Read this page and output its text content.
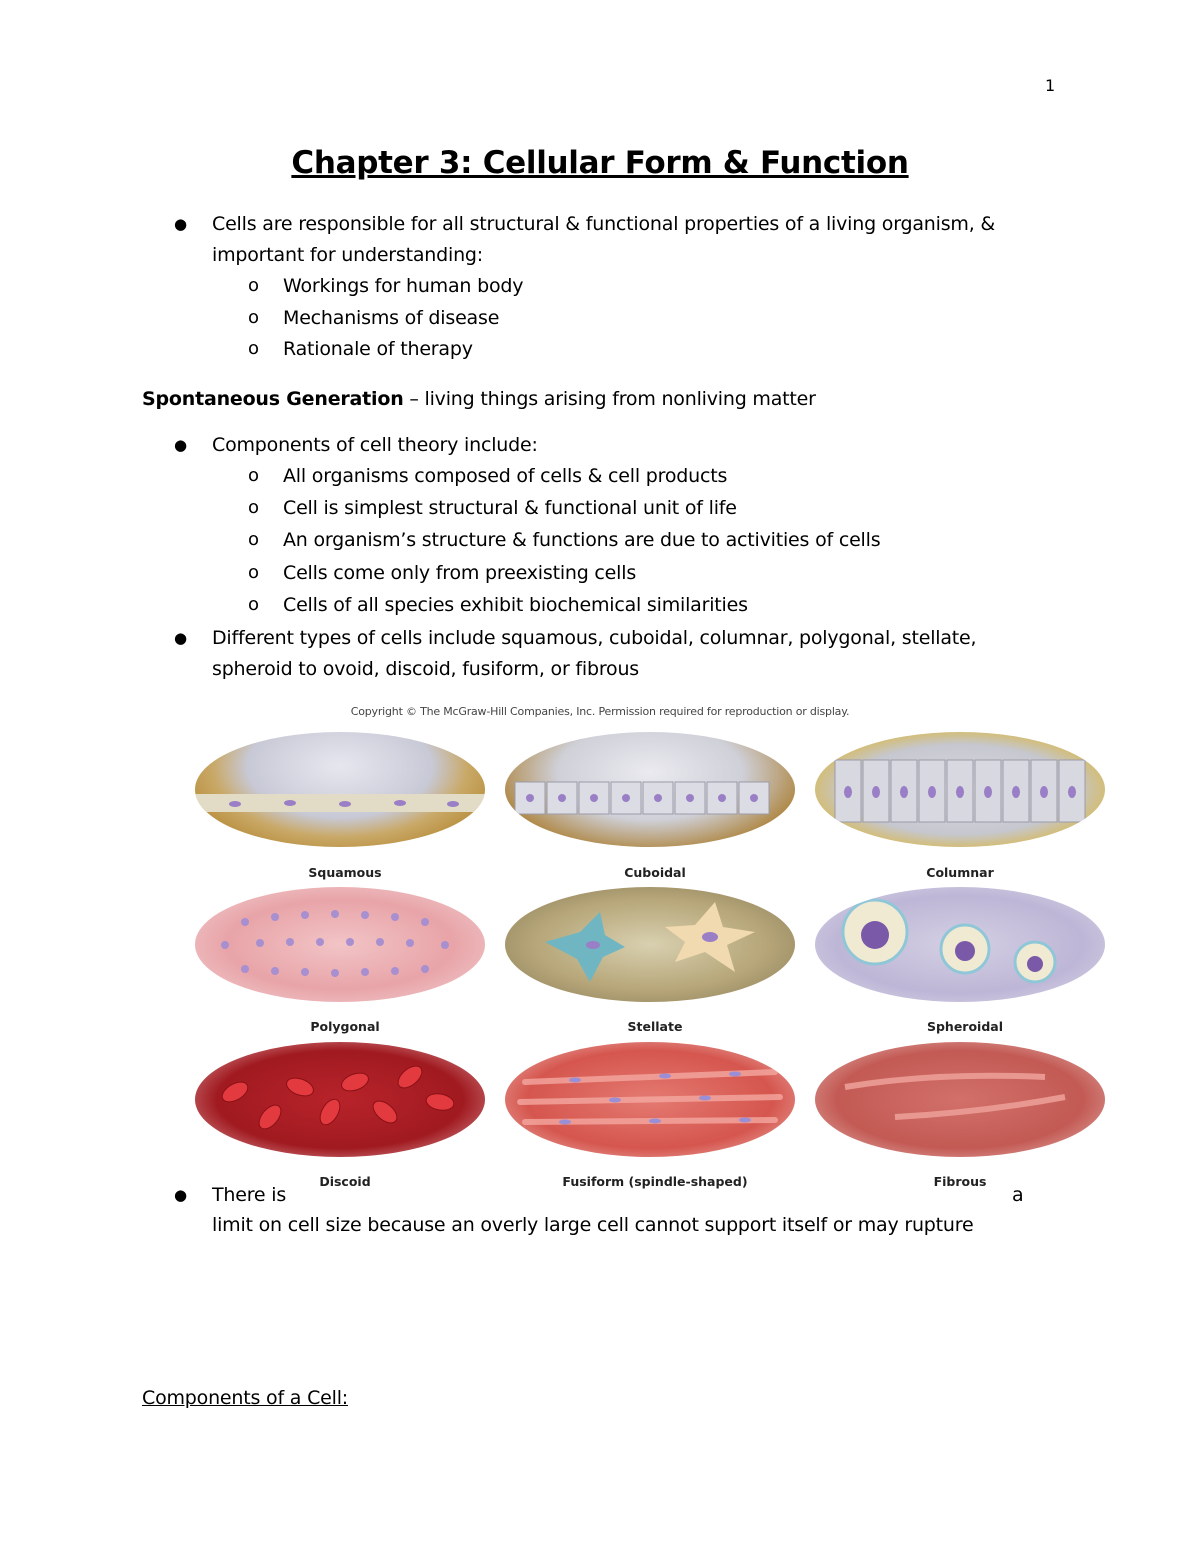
1
Chapter 3: Cellular Form & Function
● Cells are responsible for all structural & functional properties of a living organism, &
important for understanding:
o Workings for human body
o Mechanisms of disease
o Rationale of therapy
Spontaneous Generation – living things arising from nonliving matter
● Components of cell theory include:
o All organisms composed of cells & cell products
o Cell is simplest structural & functional unit of life
o An organism’s structure & functions are due to activities of cells
o Cells come only from preexisting cells
o Cells of all species exhibit biochemical similarities
● Different types of cells include squamous, cuboidal, columnar, polygonal, stellate,
spheroid to ovoid, discoid, fusiform, or fibrous
Copyright © The McGraw-Hill Companies, Inc. Permission required for reproduction or display.
Squamous	Cuboidal	Columnar
Polygonal	Stellate	Spheroidal
Discoid	Fusiform (spindle-shaped)	Fibrous
● There is	a
limit on cell size because an overly large cell cannot support itself or may rupture
Components of a Cell:
